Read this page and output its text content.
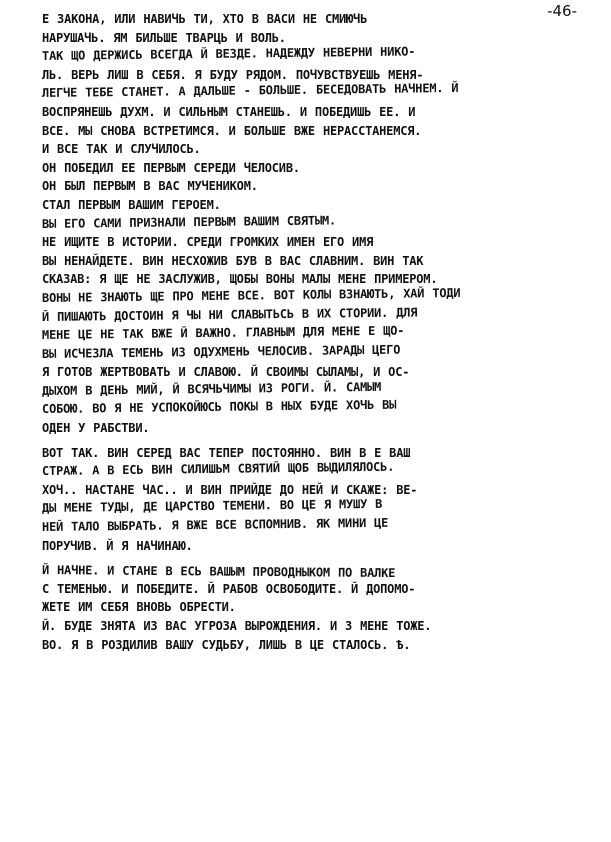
-46-
Е ЗАКОНА, ИЛИ НАВИЧЬ ТИ, ХТО В ВАСИ НЕ СМИЮЧЬ
НАРУШАЧЬ. ЯМ БИЛЬШЕ ТВАРЦЬ И ВОЛЬ.
ТАК ЩО ДЕРЖИСЬ ВСЕГДА Й ВЕЗДЕ. НАДЕЖДУ НЕВЕРНИ НИКО-
ЛЬ. ВЕРЬ ЛИШ В СЕБЯ. Я БУДУ РЯДОМ. ПОЧУВСТВУЕШЬ МЕНЯ-
ЛЕГЧЕ ТЕБЕ СТАНЕТ. А ДАЛЬШЕ - БОЛЬШЕ. БЕСЕДОВАТЬ НАЧНЕМ. Й
ВОСПРЯНЕШЬ ДУХМ. И СИЛЬНЫМ СТАНЕШЬ. И ПОБЕДИШЬ ЕЕ. И
ВСЕ. МЫ СНОВА ВСТРЕТИМСЯ. И БОЛЬШЕ ВЖЕ НЕРАССТАНЕМСЯ.
И ВСЕ ТАК И СЛУЧИЛОСЬ.
ОН ПОБЕДИЛ ЕЕ ПЕРВЫМ СЕРЕДИ ЧЕЛОСИВ.
ОН БЫЛ ПЕРВЫМ В ВАС МУЧЕНИКОМ.
СТАЛ ПЕРВЫМ ВАШИМ ГЕРОЕМ.
ВЫ ЕГО САМИ ПРИЗНАЛИ ПЕРВЫМ ВАШИМ СВЯТЫМ.
НЕ ИЩИТЕ В ИСТОРИИ. СРЕДИ ГРОМКИХ ИМЕН ЕГО ИМЯ
ВЫ НЕНАЙДЕТЕ. ВИН НЕСХОЖИВ БУВ В ВАС СЛАВНИМ. ВИН ТАК
СКАЗАВ: Я ЩЕ НЕ ЗАСЛУЖИВ, ЩОБЫ ВОНЫ МАЛЫ МЕНЕ ПРИМЕРОМ.
ВОНЫ НЕ ЗНАЮТЬ ЩЕ ПРО МЕНЕ ВСЕ. ВОТ КОЛЫ ВЗНАЮТЬ, ХАЙ ТОДИ
Й ПИШАЮТЬ ДОСТОИН Я ЧЫ НИ СЛАВЫТЬСЬ В ИХ СТОРИИ. ДЛЯ
МЕНЕ ЦЕ НЕ ТАК ВЖЕ Й ВАЖНО. ГЛАВНЫМ ДЛЯ МЕНЕ Е ЩО-
ВЫ ИСЧЕЗЛА ТЕМЕНЬ ИЗ ОДУХМЕНЬ ЧЕЛОСИВ. ЗАРАДЫ ЦЕГО
Я ГОТОВ ЖЕРТВОВАТЬ И СЛАВОЮ. Й СВОИМЫ СЫЛАМЫ, И ОС-
ДЫХОМ В ДЕНЬ МИЙ, Й ВСЯЧЬЧИМЫ ИЗ РОГИ. Й. САМЫМ
СОБОЮ. ВО Я НЕ УСПОКОЙЮСЬ ПОКЫ В НЫХ БУДЕ ХОЧЬ ВЫ
ОДЕН У РАБСТВИ.
ВОТ ТАК. ВИН СЕРЕД ВАС ТЕПЕР ПОСТОЯННО. ВИН В Е ВАШ
СТРАЖ. А В ЕСЬ ВИН СИЛИШЬМ СВЯТИЙ ЩОБ ВЫДИЛЯЛОСЬ.
ХОЧ.. НАСТАНЕ ЧАС.. И ВИН ПРИЙДЕ ДО НЕЙ И СКАЖЕ: ВЕ-
ДЫ МЕНЕ ТУДЫ, ДЕ ЦАРСТВО ТЕМЕНИ. ВО ЦЕ Я МУШУ В
НЕЙ ТАЛО ВЫБРАТЬ. Я ВЖЕ ВСЕ ВСПОМНИВ. ЯК МИНИ ЦЕ
ПОРУЧИВ. Й Я НАЧИНАЮ.
Й НАЧНЕ. И СТАНЕ В ЕСЬ ВАШЫМ ПРОВОДНЫКОМ ПО ВАЛКЕ
С ТЕМЕНЬЮ. И ПОБЕДИТЕ. Й РАБОВ ОСВОБОДИТЕ. Й ДОПОМО-
ЖЕТЕ ИМ СЕБЯ ВНОВЬ ОБРЕСТИ.
Й. БУДЕ ЗНЯТА ИЗ ВАС УГРОЗА ВЫРОЖДЕНИЯ. И З МЕНЕ ТОЖЕ.
ВО. Я В РОЗДИЛИВ ВАШУ СУДЬБУ, ЛИШЬ В ЦЕ СТАЛОСЬ. Ѣ.
